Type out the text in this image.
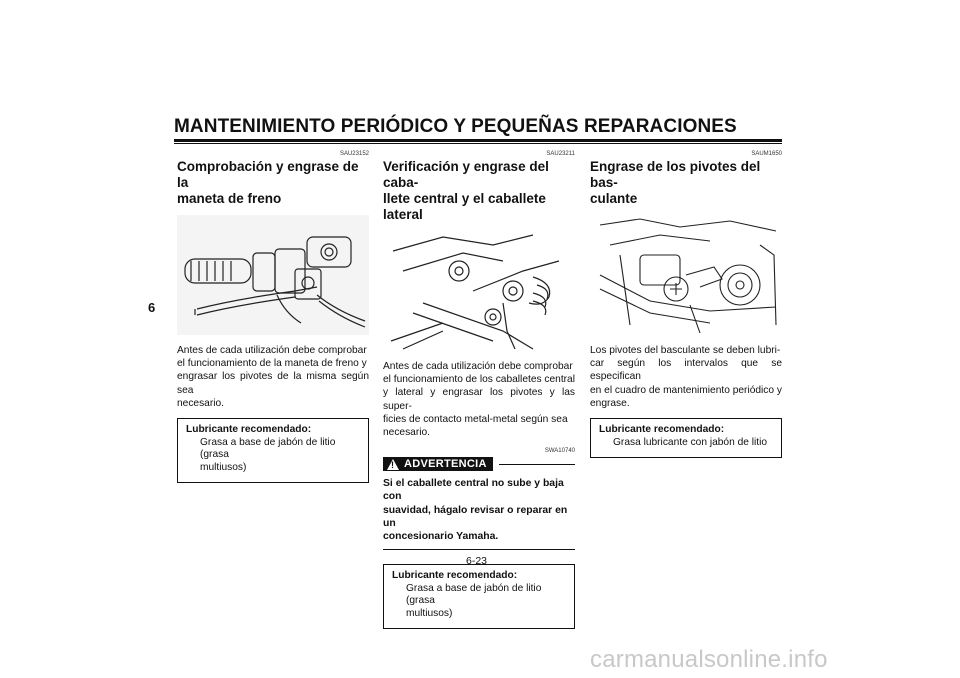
MANTENIMIENTO PERIÓDICO Y PEQUEÑAS REPARACIONES
6
SAU23152
Comprobación y engrase de la
maneta de freno
Antes de cada utilización debe comprobar
el funcionamiento de la maneta de freno y
engrasar los pivotes de la misma según sea
necesario.
Lubricante recomendado:
Grasa a base de jabón de litio (grasa
multiusos)
SAU23211
Verificación y engrase del caba-
llete central y el caballete lateral
Antes de cada utilización debe comprobar
el funcionamiento de los caballetes central
y lateral y engrasar los pivotes y las super-
ficies de contacto metal-metal según sea
necesario.
SWA10740
!
ADVERTENCIA
Si el caballete central no sube y baja con
suavidad, hágalo revisar o reparar en un
concesionario Yamaha.
Lubricante recomendado:
Grasa a base de jabón de litio (grasa
multiusos)
SAUM1650
Engrase de los pivotes del bas-
culante
Los pivotes del basculante se deben lubri-
car según los intervalos que se especifican
en el cuadro de mantenimiento periódico y
engrase.
Lubricante recomendado:
Grasa lubricante con jabón de litio
6-23
carmanualsonline.info
